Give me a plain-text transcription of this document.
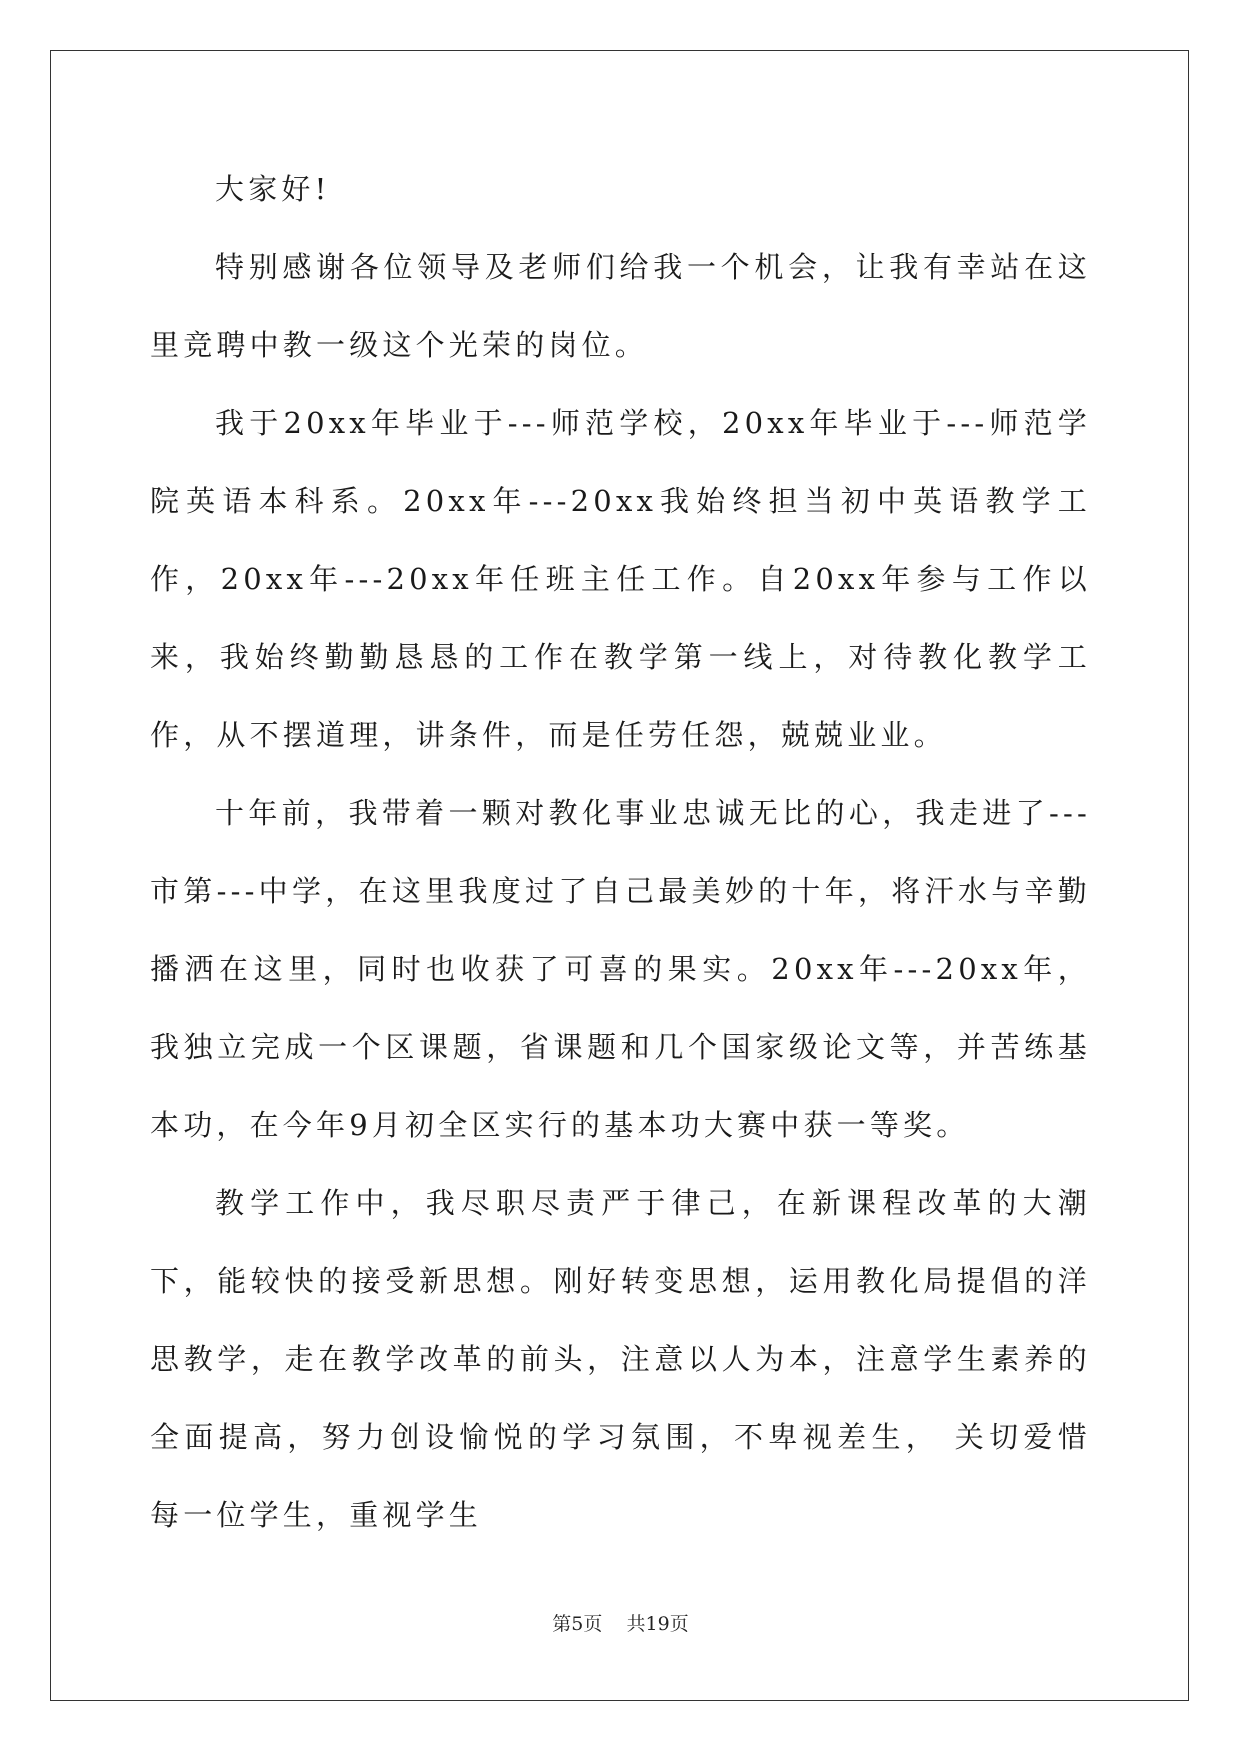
大家好!

特别感谢各位领导及老师们给我一个机会，让我有幸站在这里竞聘中教一级这个光荣的岗位。

我于20xx年毕业于---师范学校，20xx年毕业于---师范学院英语本科系。20xx年---20xx我始终担当初中英语教学工作，20xx年---20xx年任班主任工作。自20xx年参与工作以来，我始终勤勤恳恳的工作在教学第一线上，对待教化教学工作，从不摆道理，讲条件，而是任劳任怨，兢兢业业。

十年前，我带着一颗对教化事业忠诚无比的心，我走进了---市第---中学，在这里我度过了自己最美妙的十年，将汗水与辛勤播洒在这里，同时也收获了可喜的果实。20xx年---20xx年，我独立完成一个区课题，省课题和几个国家级论文等，并苦练基本功，在今年9月初全区实行的基本功大赛中获一等奖。

教学工作中，我尽职尽责严于律己，在新课程改革的大潮下，能较快的接受新思想。刚好转变思想，运用教化局提倡的洋思教学，走在教学改革的前头，注意以人为本，注意学生素养的全面提高，努力创设愉悦的学习氛围，不卑视差生， 关切爱惜每一位学生，重视学生

第5页    共19页
